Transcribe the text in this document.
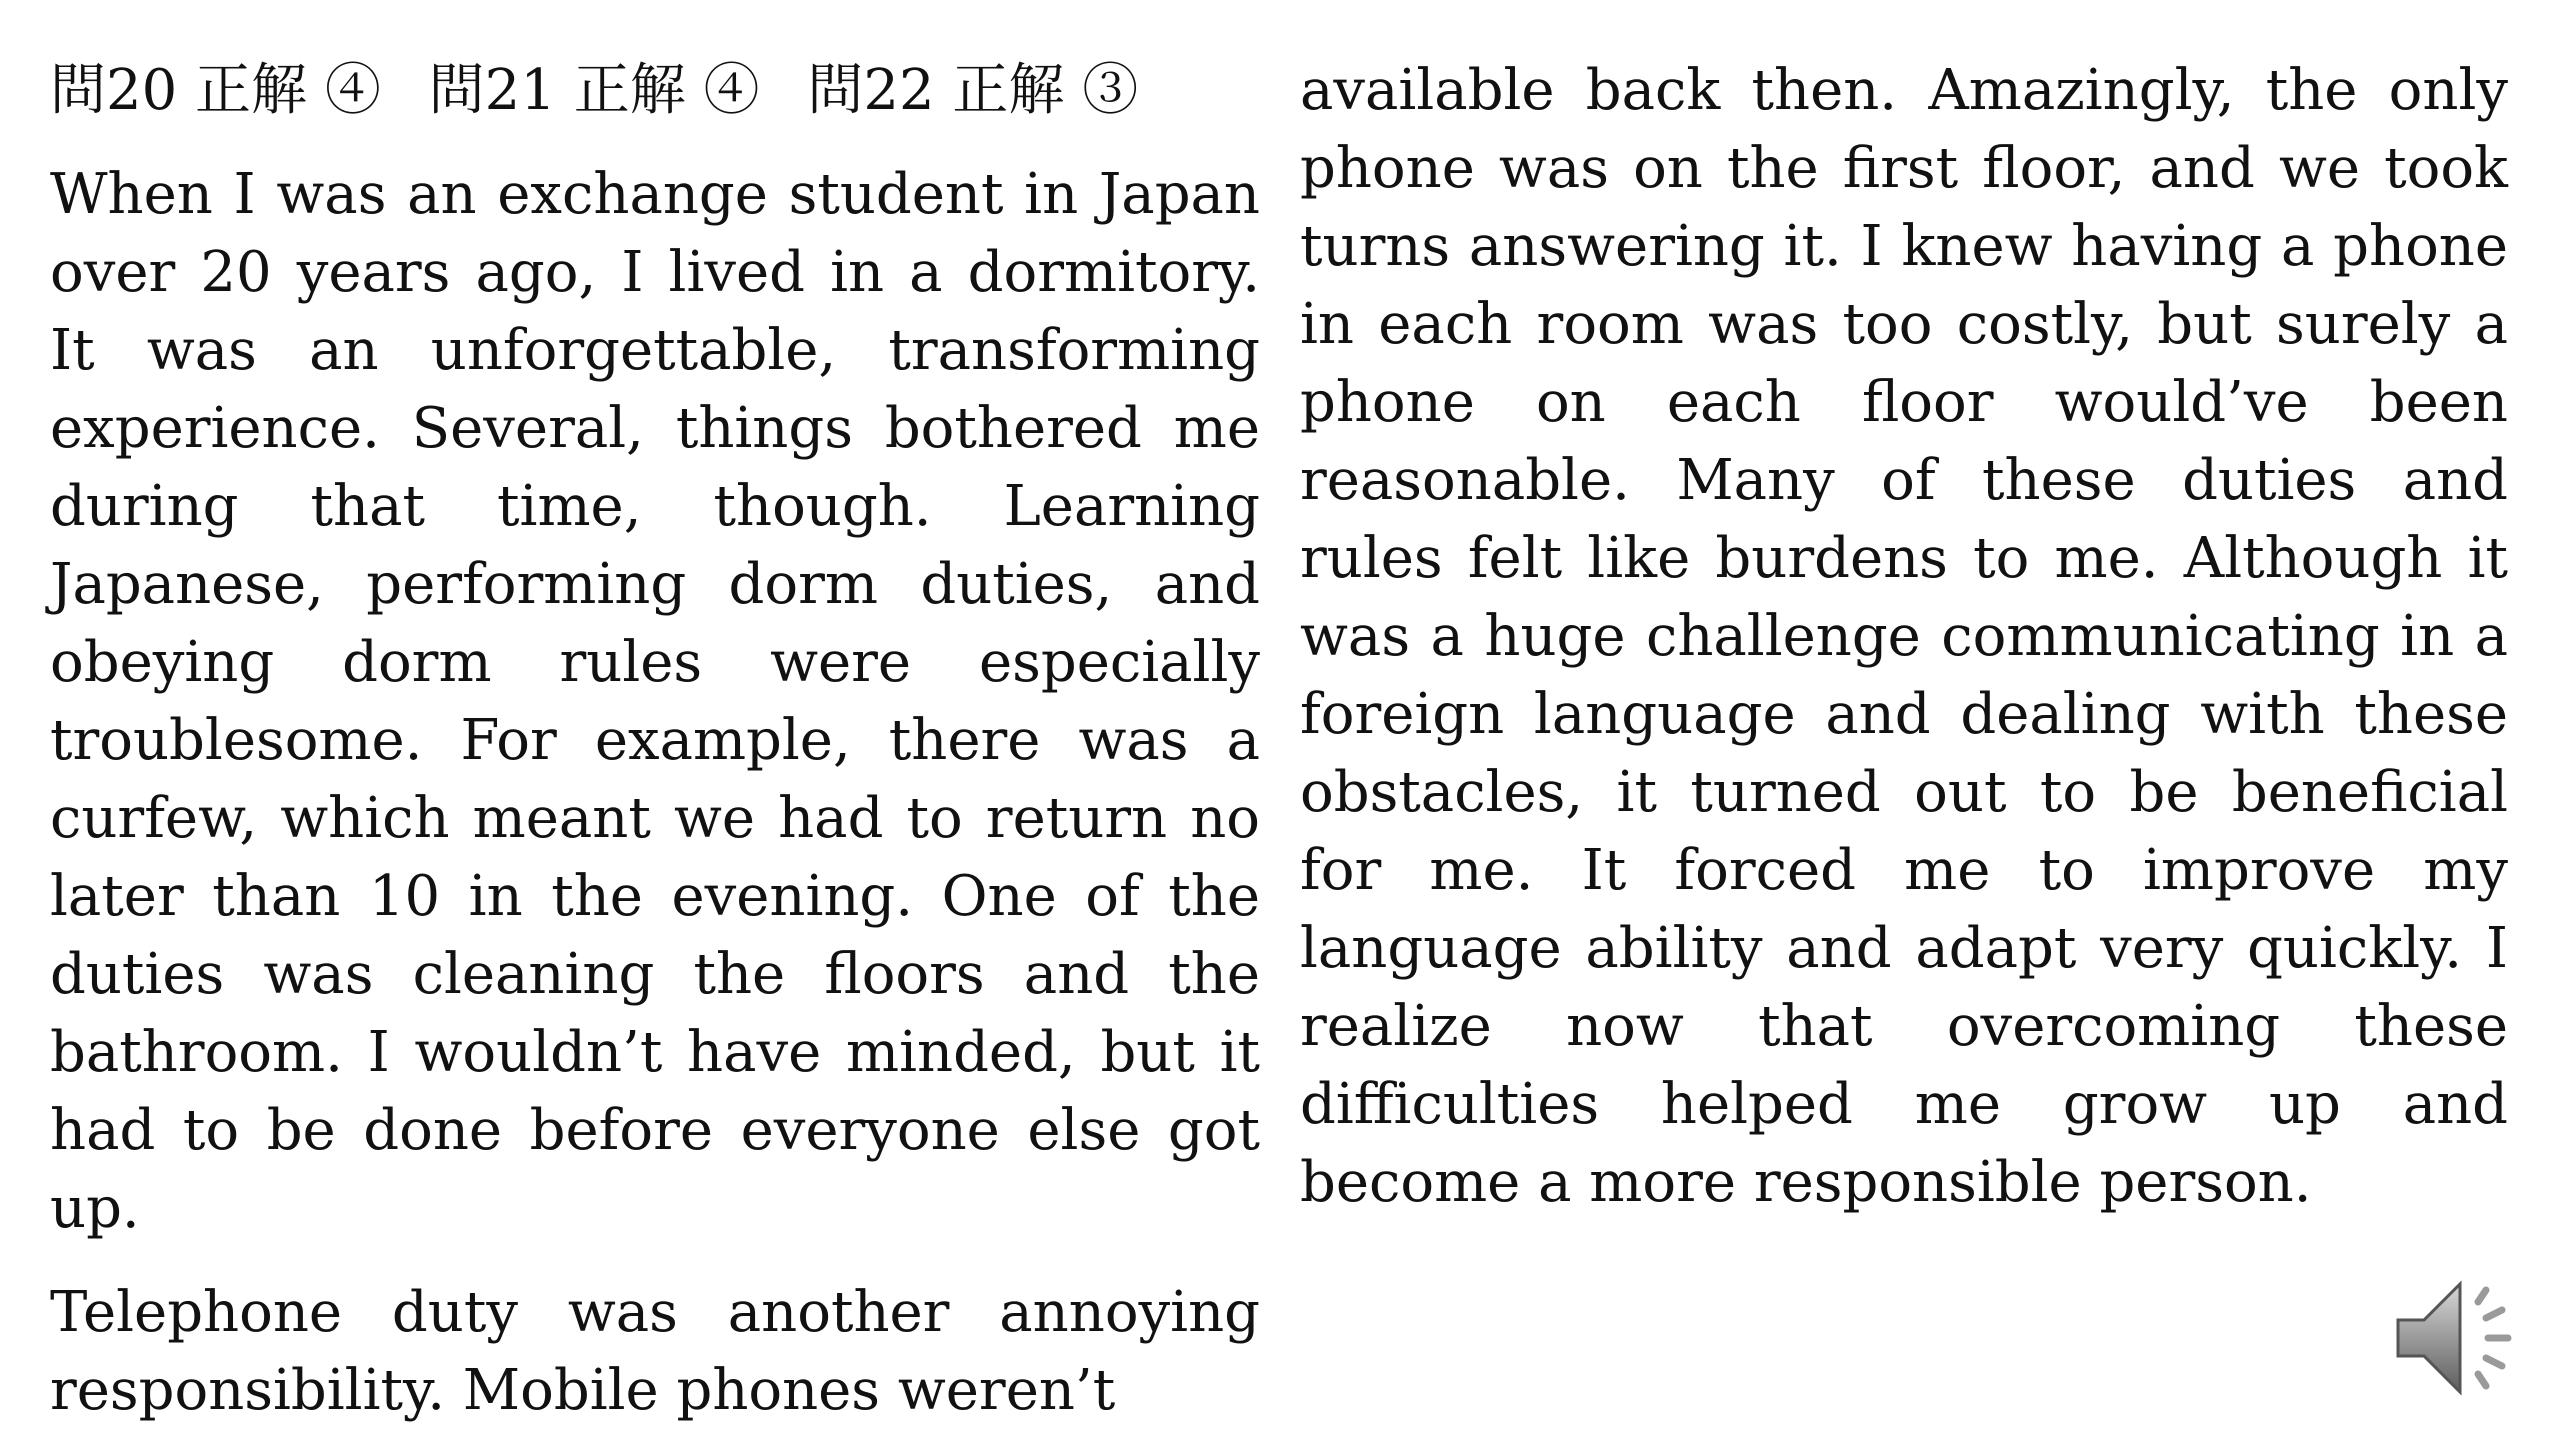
問20 正解 ④ 問21 正解 ④ 問22 正解 ③

When I was an exchange student in Japan over 20 years ago, I lived in a dormitory. It was an unforgettable, transforming experience. Several, things bothered me during that time, though. Learning Japanese, performing dorm duties, and obeying dorm rules were especially troublesome. For example, there was a curfew, which meant we had to return no later than 10 in the evening. One of the duties was cleaning the floors and the bathroom. I wouldn’t have minded, but it had to be done before everyone else got up.

Telephone duty was another annoying responsibility. Mobile phones weren’t

available back then. Amazingly, the only phone was on the first floor, and we took turns answering it. I knew having a phone in each room was too costly, but surely a phone on each floor would’ve been reasonable. Many of these duties and rules felt like burdens to me. Although it was a huge challenge communicating in a foreign language and dealing with these obstacles, it turned out to be beneficial for me. It forced me to improve my language ability and adapt very quickly. I realize now that overcoming these difficulties helped me grow up and become a more responsible person.
